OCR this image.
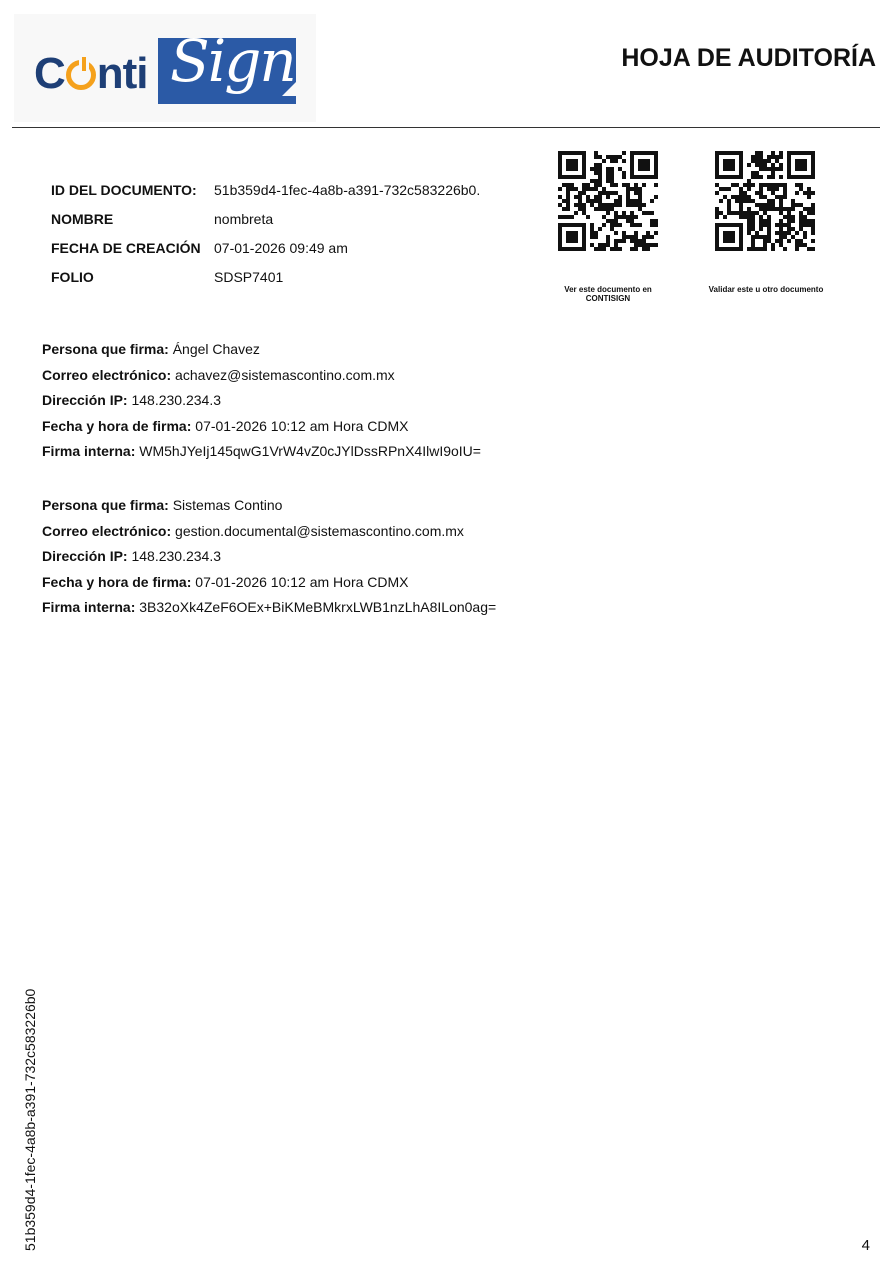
Sign
C nti	HOJA DE AUDITORÍA
ID DEL DOCUMENTO:	51b359d4-1fec-4a8b-a391-732c583226b0.
NOMBRE	nombreta
FECHA DE CREACIÓN 07-01-2026 09:49 am
FOLIO	SDSP7401
Ver este documento en CONTISIGN
Validar este u otro documento
Persona que firma: Ángel Chavez
Correo electrónico: achavez@sistemascontino.com.mx
Dirección IP: 148.230.234.3
Fecha y hora de firma: 07-01-2026 10:12 am Hora CDMX
Firma interna: WM5hJYeIj145qwG1VrW4vZ0cJYlDssRPnX4IlwI9oIU=
Persona que firma: Sistemas Contino
Correo electrónico: gestion.documental@sistemascontino.com.mx
Dirección IP: 148.230.234.3
Fecha y hora de firma: 07-01-2026 10:12 am Hora CDMX
Firma interna: 3B32oXk4ZeF6OEx+BiKMeBMkrxLWB1nzLhA8ILon0ag=
51b359d4-1fec-4a8b-a391-732c583226b0	4
